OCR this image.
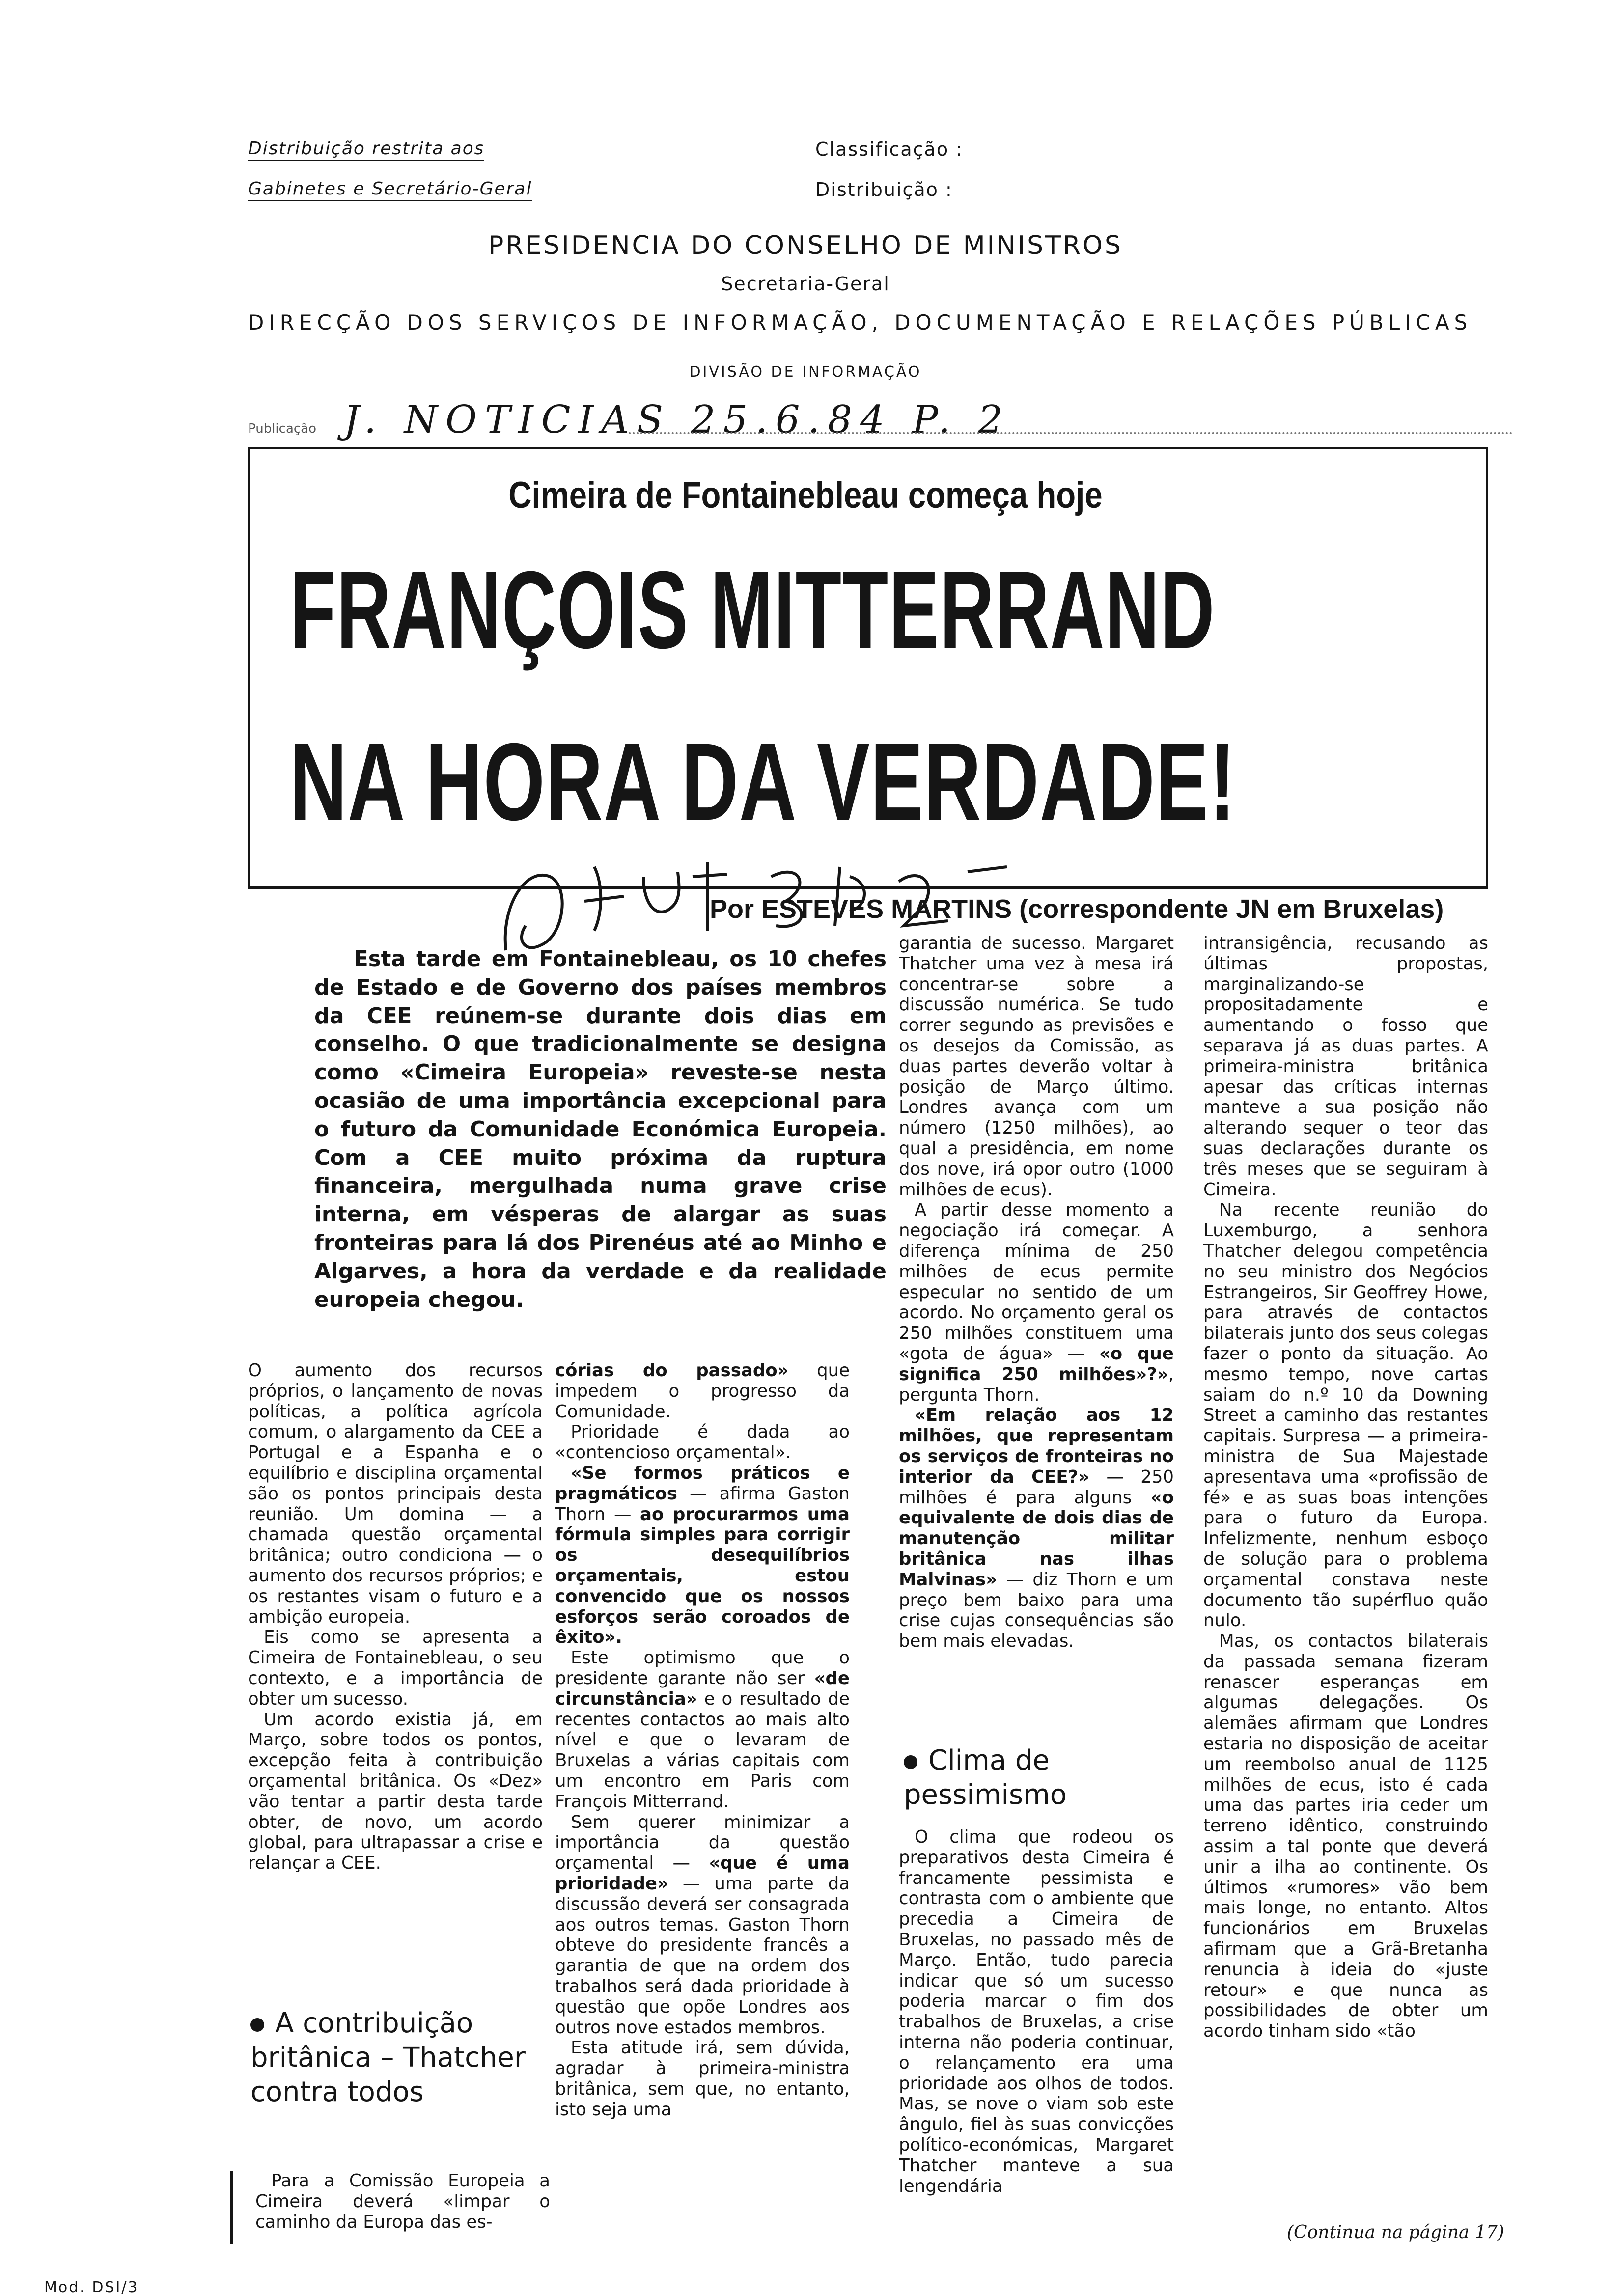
Distribuição restrita aos
Gabinetes e Secretário-Geral
Classificação :
Distribuição :
PRESIDENCIA DO CONSELHO DE MINISTROS
Secretaria-Geral
DIRECÇÃO DOS SERVIÇOS DE INFORMAÇÃO, DOCUMENTAÇÃO E RELAÇÕES PÚBLICAS
DIVISÃO DE INFORMAÇÃO
Publicação J. NOTICIAS 25.6.84 P. 2
Cimeira de Fontainebleau começa hoje
FRANÇOIS MITTERRAND
NA HORA DA VERDADE!
Por ESTEVES MARTINS (correspondente JN em Bruxelas)

Esta tarde em Fontainebleau, os 10 chefes de Estado e de Governo dos países membros da CEE reúnem-se durante dois dias em conselho. O que tradicionalmente se designa como «Cimeira Europeia» reveste-se nesta ocasião de uma importância excepcional para o futuro da Comunidade Económica Europeia. Com a CEE muito próxima da ruptura financeira, mergulhada numa grave crise interna, em vésperas de alargar as suas fronteiras para lá dos Pirenéus até ao Minho e Algarves, a hora da verdade e da realidade europeia chegou.

O aumento dos recursos próprios, o lançamento de novas políticas, a política agrícola comum, o alargamento da CEE a Portugal e a Espanha e o equilíbrio e disciplina orçamental são os pontos principais desta reunião. Um domina — a chamada questão orçamental britânica; outro condiciona — o aumento dos recursos próprios; e os restantes visam o futuro e a ambição europeia.

Eis como se apresenta a Cimeira de Fontainebleau, o seu contexto, e a importância de obter um sucesso.

Um acordo existia já, em Março, sobre todos os pontos, excepção feita à contribuição orçamental britânica. Os «Dez» vão tentar a partir desta tarde obter, de novo, um acordo global, para ultrapassar a crise e relançar a CEE.

A contribuição britânica – Thatcher contra todos

Para a Comissão Europeia a Cimeira deverá «limpar o caminho da Europa das es-

córias do passado» que impedem o progresso da Comunidade.

Prioridade é dada ao «contencioso orçamental».

«Se formos práticos e pragmáticos — afirma Gaston Thorn — ao procurarmos uma fórmula simples para corrigir os desequilíbrios orçamentais, estou convencido que os nossos esforços serão coroados de êxito».

Este optimismo que o presidente garante não ser «de circunstância» e o resultado de recentes contactos ao mais alto nível e que o levaram de Bruxelas a várias capitais com um encontro em Paris com François Mitterrand.

Sem querer minimizar a importância da questão orçamental — «que é uma prioridade» — uma parte da discussão deverá ser consagrada aos outros temas. Gaston Thorn obteve do presidente francês a garantia de que na ordem dos trabalhos será dada prioridade à questão que opõe Londres aos outros nove estados membros.

Esta atitude irá, sem dúvida, agradar à primeira-ministra britânica, sem que, no entanto, isto seja uma

garantia de sucesso. Margaret Thatcher uma vez à mesa irá concentrar-se sobre a discussão numérica. Se tudo correr segundo as previsões e os desejos da Comissão, as duas partes deverão voltar à posição de Março último. Londres avança com um número (1250 milhões), ao qual a presidência, em nome dos nove, irá opor outro (1000 milhões de ecus).

A partir desse momento a negociação irá começar. A diferença mínima de 250 milhões de ecus permite especular no sentido de um acordo. No orçamento geral os 250 milhões constituem uma «gota de água» — «o que significa 250 milhões»?», pergunta Thorn.

«Em relação aos 12 milhões, que representam os serviços de fronteiras no interior da CEE?» — 250 milhões é para alguns «o equivalente de dois dias de manutenção militar britânica nas ilhas Malvinas» — diz Thorn e um preço bem baixo para uma crise cujas consequências são bem mais elevadas.

Clima de pessimismo

O clima que rodeou os preparativos desta Cimeira é francamente pessimista e contrasta com o ambiente que precedia a Cimeira de Bruxelas, no passado mês de Março. Então, tudo parecia indicar que só um sucesso poderia marcar o fim dos trabalhos de Bruxelas, a crise interna não poderia continuar, o relançamento era uma prioridade aos olhos de todos. Mas, se nove o viam sob este ângulo, fiel às suas convicções político-económicas, Margaret Thatcher manteve a sua lengendária

intransigência, recusando as últimas propostas, marginalizando-se propositadamente e aumentando o fosso que separava já as duas partes. A primeira-ministra britânica apesar das críticas internas manteve a sua posição não alterando sequer o teor das suas declarações durante os três meses que se seguiram à Cimeira.

Na recente reunião do Luxemburgo, a senhora Thatcher delegou competência no seu ministro dos Negócios Estrangeiros, Sir Geoffrey Howe, para através de contactos bilaterais junto dos seus colegas fazer o ponto da situação. Ao mesmo tempo, nove cartas saiam do n.º 10 da Downing Street a caminho das restantes capitais. Surpresa — a primeira-ministra de Sua Majestade apresentava uma «profissão de fé» e as suas boas intenções para o futuro da Europa. Infelizmente, nenhum esboço de solução para o problema orçamental constava neste documento tão supérfluo quão nulo.

Mas, os contactos bilaterais da passada semana fizeram renascer esperanças em algumas delegações. Os alemães afirmam que Londres estaria no disposição de aceitar um reembolso anual de 1125 milhões de ecus, isto é cada uma das partes iria ceder um terreno idêntico, construindo assim a tal ponte que deverá unir a ilha ao continente. Os últimos «rumores» vão bem mais longe, no entanto. Altos funcionários em Bruxelas afirmam que a Grã-Bretanha renuncia à ideia do «juste retour» e que nunca as possibilidades de obter um acordo tinham sido «tão

(Continua na página 17)
Mod. DSI/3
